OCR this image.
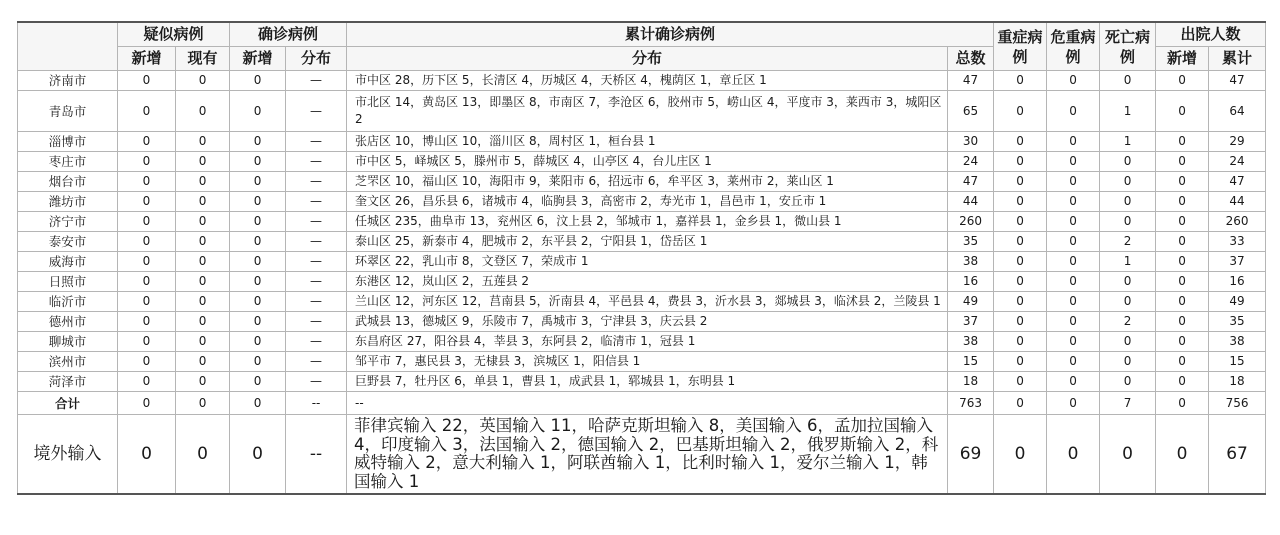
	疑似病例		确诊病例		累计确诊病例		重症病例	危重病例	死亡病例	出院人数	
	新增	现有	新增	分布	分布	总数				新增	累计
济南市	0	0	0	—	市中区 28，历下区 5，长清区 4，历城区 4，天桥区 4，槐荫区 1，章丘区 1	47	0	0	0	0	47
青岛市	0	0	0	—	市北区 14，黄岛区 13，即墨区 8，市南区 7，李沧区 6，胶州市 5，崂山区 4，平度市 3，莱西市 3，城阳区 2	65	0	0	1	0	64
淄博市	0	0	0	—	张店区 10，博山区 10，淄川区 8，周村区 1，桓台县 1	30	0	0	1	0	29
枣庄市	0	0	0	—	市中区 5，峄城区 5，滕州市 5，薛城区 4，山亭区 4，台儿庄区 1	24	0	0	0	0	24
烟台市	0	0	0	—	芝罘区 10，福山区 10，海阳市 9，莱阳市 6，招远市 6，牟平区 3，莱州市 2，莱山区 1	47	0	0	0	0	47
潍坊市	0	0	0	—	奎文区 26，昌乐县 6，诸城市 4，临朐县 3，高密市 2，寿光市 1，昌邑市 1，安丘市 1	44	0	0	0	0	44
济宁市	0	0	0	—	任城区 235，曲阜市 13，兖州区 6，汶上县 2，邹城市 1，嘉祥县 1，金乡县 1，微山县 1	260	0	0	0	0	260
泰安市	0	0	0	—	泰山区 25，新泰市 4，肥城市 2，东平县 2，宁阳县 1，岱岳区 1	35	0	0	2	0	33
威海市	0	0	0	—	环翠区 22，乳山市 8，文登区 7，荣成市 1	38	0	0	1	0	37
日照市	0	0	0	—	东港区 12，岚山区 2，五莲县 2	16	0	0	0	0	16
临沂市	0	0	0	—	兰山区 12，河东区 12，莒南县 5，沂南县 4，平邑县 4，费县 3，沂水县 3，郯城县 3，临沭县 2，兰陵县 1	49	0	0	0	0	49
德州市	0	0	0	—	武城县 13，德城区 9，乐陵市 7，禹城市 3，宁津县 3，庆云县 2	37	0	0	2	0	35
聊城市	0	0	0	—	东昌府区 27，阳谷县 4，莘县 3，东阿县 2，临清市 1，冠县 1	38	0	0	0	0	38
滨州市	0	0	0	—	邹平市 7，惠民县 3，无棣县 3，滨城区 1，阳信县 1	15	0	0	0	0	15
菏泽市	0	0	0	—	巨野县 7，牡丹区 6，单县 1，曹县 1，成武县 1，郓城县 1，东明县 1	18	0	0	0	0	18
合计	0	0	0	--	--	763	0	0	7	0	756
境外输入	0	0	0	--	菲律宾输入 22，英国输入 11，哈萨克斯坦输入 8，美国输入 6，孟加拉国输入 4，印度输入 3，法国输入 2，德国输入 2，巴基斯坦输入 2，俄罗斯输入 2，科威特输入 2，意大利输入 1，阿联酋输入 1，比利时输入 1，爱尔兰输入 1，韩国输入 1	69	0	0	0	0	67
